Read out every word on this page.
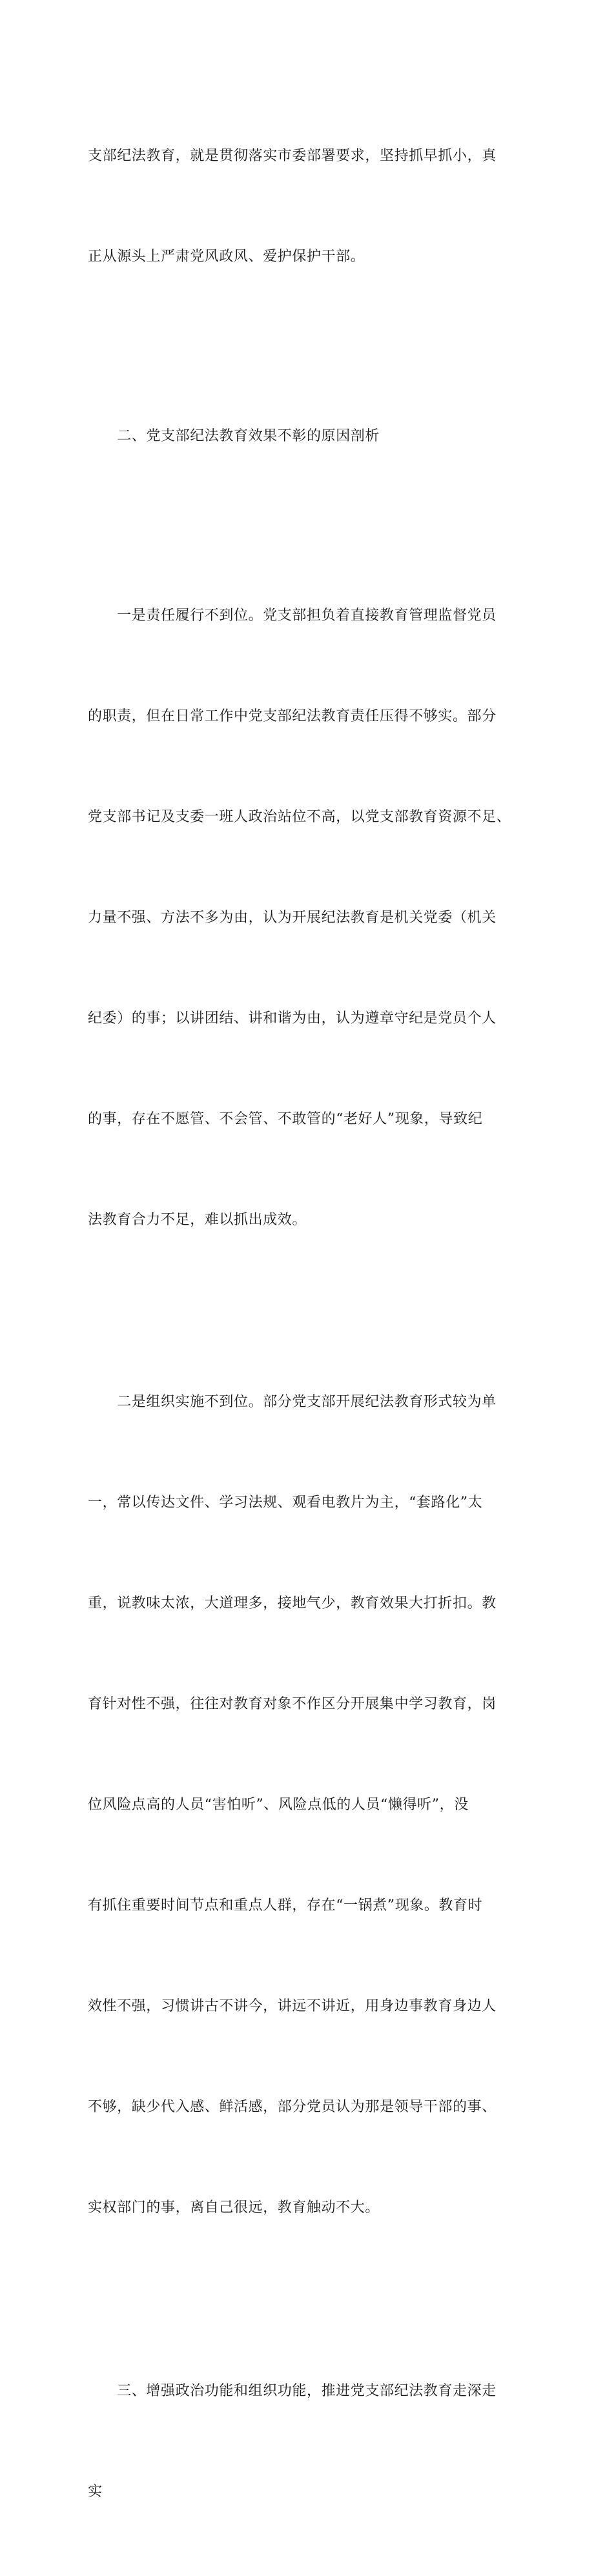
支部纪法教育，就是贯彻落实市委部署要求，坚持抓早抓小，真

正从源头上严肃党风政风、爱护保护干部。

　　二、党支部纪法教育效果不彰的原因剖析

　　一是责任履行不到位。党支部担负着直接教育管理监督党员

的职责，但在日常工作中党支部纪法教育责任压得不够实。部分

党支部书记及支委一班人政治站位不高，以党支部教育资源不足、

力量不强、方法不多为由，认为开展纪法教育是机关党委（机关

纪委）的事；以讲团结、讲和谐为由，认为遵章守纪是党员个人

的事，存在不愿管、不会管、不敢管的“老好人”现象，导致纪

法教育合力不足，难以抓出成效。

　　二是组织实施不到位。部分党支部开展纪法教育形式较为单

一，常以传达文件、学习法规、观看电教片为主，“套路化”太

重，说教味太浓，大道理多，接地气少，教育效果大打折扣。教

育针对性不强，往往对教育对象不作区分开展集中学习教育，岗

位风险点高的人员“害怕听”、风险点低的人员“懒得听”，没

有抓住重要时间节点和重点人群，存在“一锅煮”现象。教育时

效性不强，习惯讲古不讲今，讲远不讲近，用身边事教育身边人

不够，缺少代入感、鲜活感，部分党员认为那是领导干部的事、

实权部门的事，离自己很远，教育触动不大。

　　三、增强政治功能和组织功能，推进党支部纪法教育走深走

实
